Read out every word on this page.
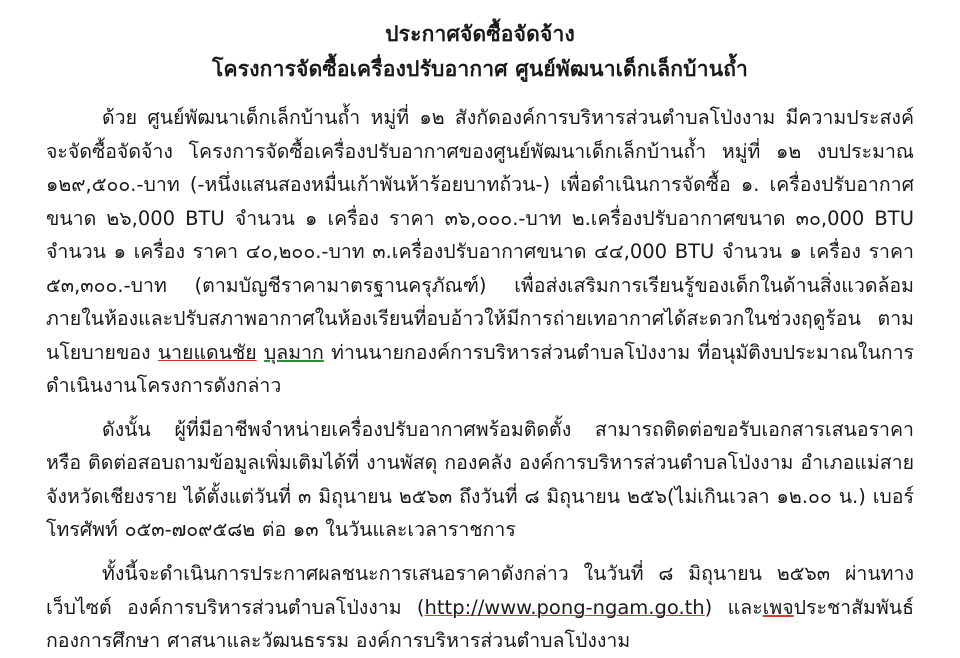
ประกาศจัดซื้อจัดจ้าง
โครงการจัดซื้อเครื่องปรับอากาศ ศูนย์พัฒนาเด็กเล็กบ้านถ้ำ

ด้วย ศูนย์พัฒนาเด็กเล็กบ้านถ้ำ หมู่ที่ ๑๒ สังกัดองค์การบริหารส่วนตำบลโป่งงาม มีความประสงค์จะจัดซื้อจัดจ้าง โครงการจัดซื้อเครื่องปรับอากาศของศูนย์พัฒนาเด็กเล็กบ้านถ้ำ หมู่ที่ ๑๒ งบประมาณ ๑๒๙,๕๐๐.-บาท (-หนึ่งแสนสองหมื่นเก้าพันห้าร้อยบาทถ้วน-) เพื่อดำเนินการจัดซื้อ ๑. เครื่องปรับอากาศขนาด ๒๖,000 BTU จำนวน ๑ เครื่อง ราคา ๓๖,๐๐๐.-บาท ๒.เครื่องปรับอากาศขนาด ๓๐,000 BTU จำนวน ๑ เครื่อง ราคา ๔๐,๒๐๐.-บาท ๓.เครื่องปรับอากาศขนาด ๔๔,000 BTU จำนวน ๑ เครื่อง ราคา ๕๓,๓๐๐.-บาท (ตามบัญชีราคามาตรฐานครุภัณฑ์) เพื่อส่งเสริมการเรียนรู้ของเด็กในด้านสิ่งแวดล้อมภายในห้องและปรับสภาพอากาศในห้องเรียนที่อบอ้าวให้มีการถ่ายเทอากาศได้สะดวกในช่วงฤดูร้อน ตามนโยบายของ นายแดนชัย บุลมาก ท่านนายกองค์การบริหารส่วนตำบลโป่งงาม ที่อนุมัติงบประมาณในการดำเนินงานโครงการดังกล่าว

ดังนั้น ผู้ที่มีอาชีพจำหน่ายเครื่องปรับอากาศพร้อมติดตั้ง สามารถติดต่อขอรับเอกสารเสนอราคา หรือ ติดต่อสอบถามข้อมูลเพิ่มเติมได้ที่ งานพัสดุ กองคลัง องค์การบริหารส่วนตำบลโป่งงาม อำเภอแม่สาย จังหวัดเชียงราย ได้ตั้งแต่วันที่ ๓ มิถุนายน ๒๕๖๓ ถึงวันที่ ๘ มิถุนายน ๒๕๖(ไม่เกินเวลา ๑๒.๐๐ น.) เบอร์โทรศัพท์ ๐๕๓-๗๐๙๕๘๒ ต่อ ๑๓ ในวันและเวลาราชการ

ทั้งนี้จะดำเนินการประกาศผลชนะการเสนอราคาดังกล่าว ในวันที่ ๘ มิถุนายน ๒๕๖๓ ผ่านทางเว็บไซต์ องค์การบริหารส่วนตำบลโป่งงาม (http://www.pong-ngam.go.th) และเพจประชาสัมพันธ์ กองการศึกษา ศาสนาและวัฒนธรรม องค์การบริหารส่วนตำบลโป่งงาม
